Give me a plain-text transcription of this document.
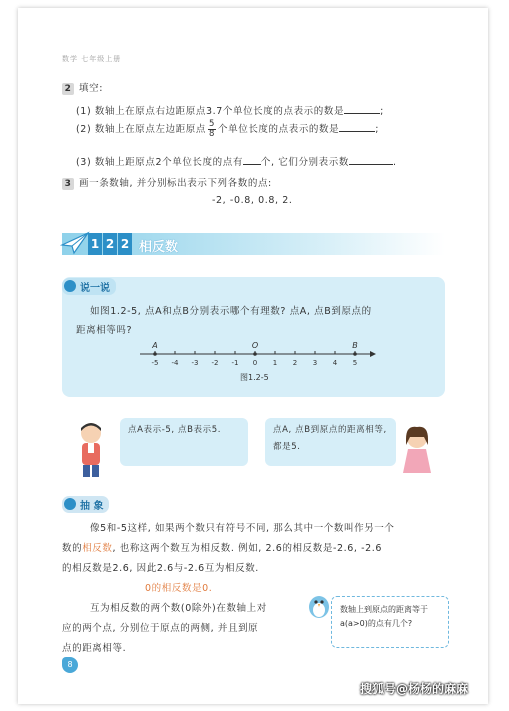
数学 七年级上册
2 填空:
(1) 数轴上在原点右边距原点3.7个单位长度的点表示的数是	;
(2) 数轴上在原点左边距原点 $\frac{5}{8}$ 个单位长度的点表示的数是	;
(3) 数轴上距原点2个单位长度的点有 个, 它们分别表示数	.
3 画一条数轴, 并分别标出表示下列各数的点:
-2, -0.8, 0.8, 2.
1 2 2 相反数
说一说
如图1.2-5, 点A和点B分别表示哪个有理数? 点A, 点B到原点的
距离相等吗?
-5 -4 -3 -2 -1 0 1 2 3 4 5
A	O	B
图1.2-5
点A表示-5, 点B表示5.	点A, 点B到原点的距离相等, 都是5.
抽 象
像5和-5这样, 如果两个数只有符号不同, 那么其中一个数叫作另一个
数的相反数, 也称这两个数互为相反数. 例如, 2.6的相反数是-2.6, -2.6
的相反数是2.6, 因此2.6与-2.6互为相反数.
0的相反数是0.
互为相反数的两个数(0除外)在数轴上对
应的两个点, 分别位于原点的两侧, 并且到原
点的距离相等.
数轴上到原点的距离等于a(a>0)的点有几个?
8
搜狐号@杨杨的麻麻
